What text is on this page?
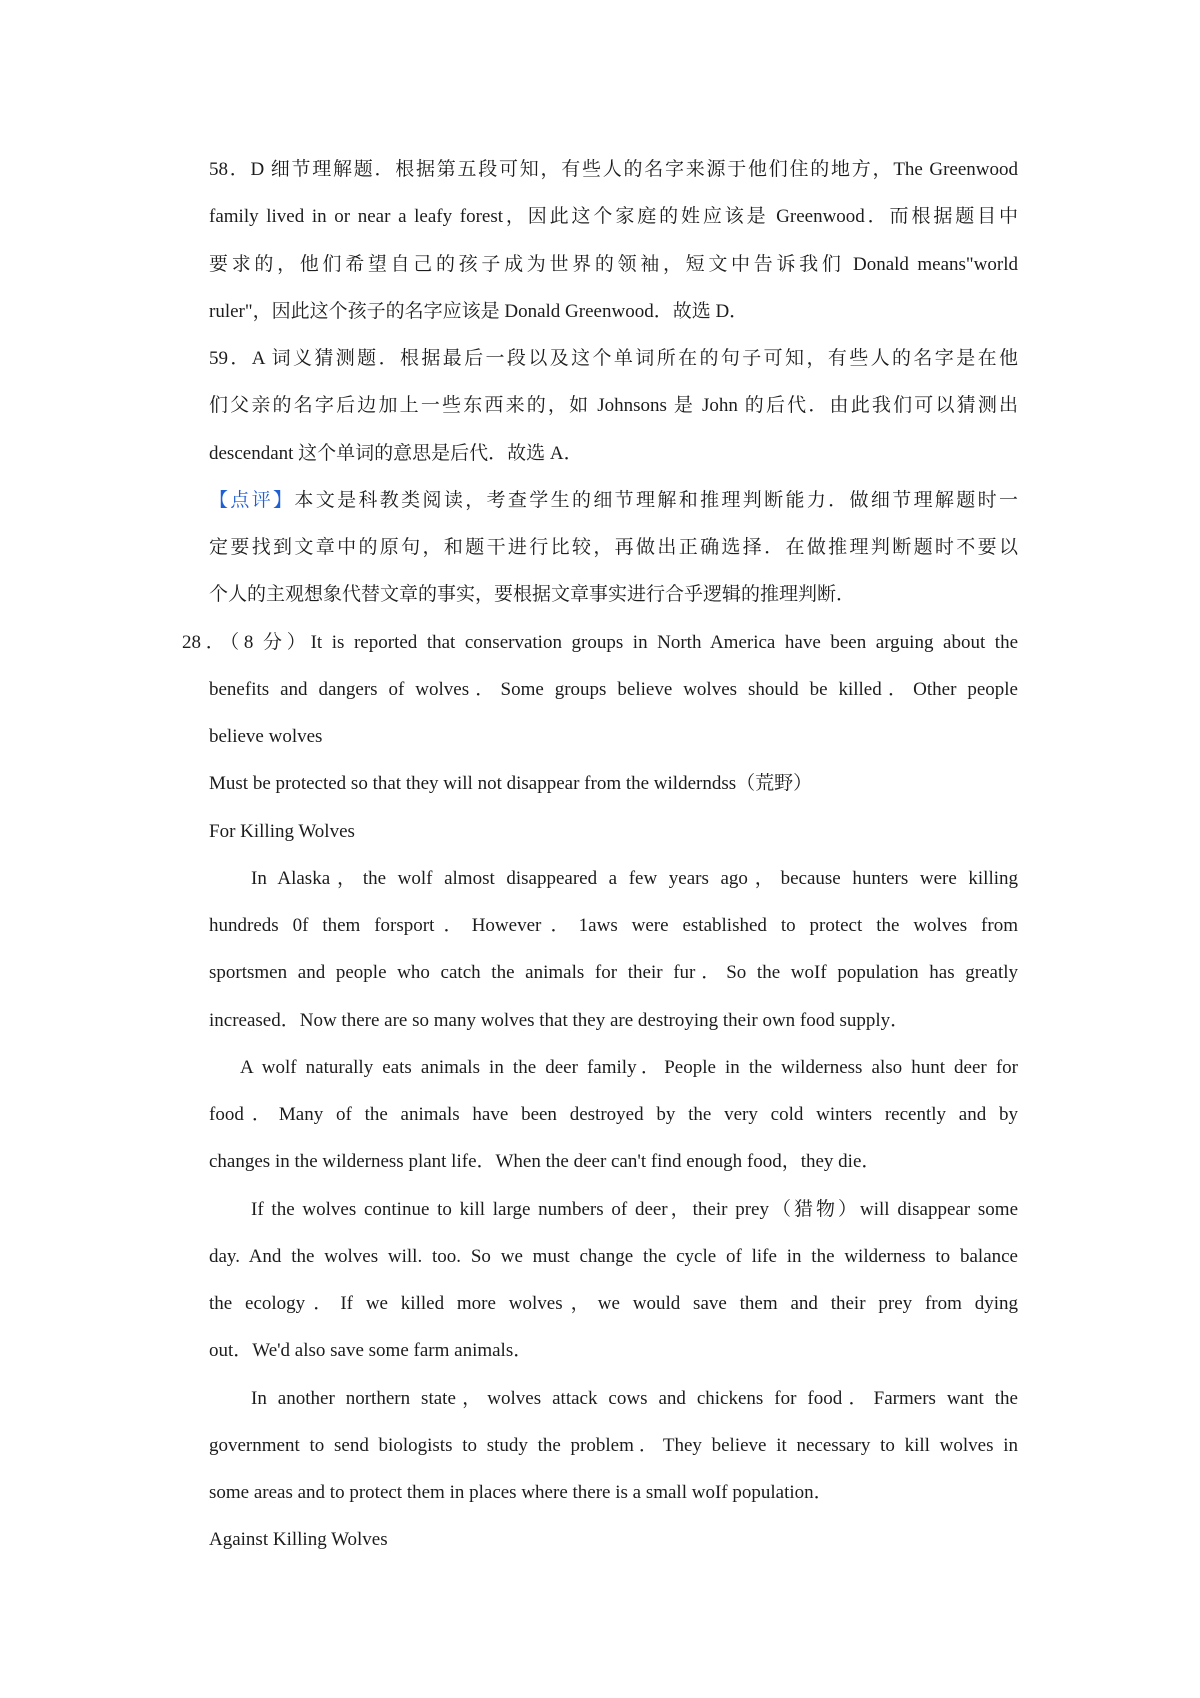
58．D 细节理解题．根据第五段可知，有些人的名字来源于他们住的地方，The Greenwood
family lived in or near a leafy forest，因此这个家庭的姓应该是 Greenwood．而根据题目中
要求的，他们希望自己的孩子成为世界的领袖，短文中告诉我们 Donald means"world
ruler"，因此这个孩子的名字应该是 Donald Greenwood．故选 D．
59．A 词义猜测题．根据最后一段以及这个单词所在的句子可知，有些人的名字是在他
们父亲的名字后边加上一些东西来的，如 Johnsons 是 John 的后代．由此我们可以猜测出
descendant 这个单词的意思是后代．故选 A．
【点评】本文是科教类阅读，考查学生的细节理解和推理判断能力．做细节理解题时一
定要找到文章中的原句，和题干进行比较，再做出正确选择．在做推理判断题时不要以
个人的主观想象代替文章的事实，要根据文章事实进行合乎逻辑的推理判断．
28．（8 分）It is reported that conservation groups in North America have been arguing about the
benefits and dangers of wolves．Some groups believe wolves should be killed．Other people
believe wolves
Must be protected so that they will not disappear from the wilderndss（荒野）
For Killing Wolves
In Alaska，the wolf almost disappeared a few years ago，because hunters were killing
hundreds 0f them forsport．However．1aws were established to protect the wolves from
sportsmen and people who catch the animals for their fur．So the woIf population has greatly
increased．Now there are so many wolves that they are destroying their own food supply．
A wolf naturally eats animals in the deer family．People in the wilderness also hunt deer for
food．Many of the animals have been destroyed by the very cold winters recently and by
changes in the wilderness plant life．When the deer can't find enough food，they die．
If the wolves continue to kill large numbers of deer，their prey（猎物）will disappear some
day. And the wolves will. too. So we must change the cycle of life in the wilderness to balance
the ecology．If we killed more wolves，we would save them and their prey from dying
out．We'd also save some farm animals．
In another northern state，wolves attack cows and chickens for food．Farmers want the
government to send biologists to study the problem．They believe it necessary to kill wolves in
some areas and to protect them in places where there is a small woIf population．
Against Killing Wolves
